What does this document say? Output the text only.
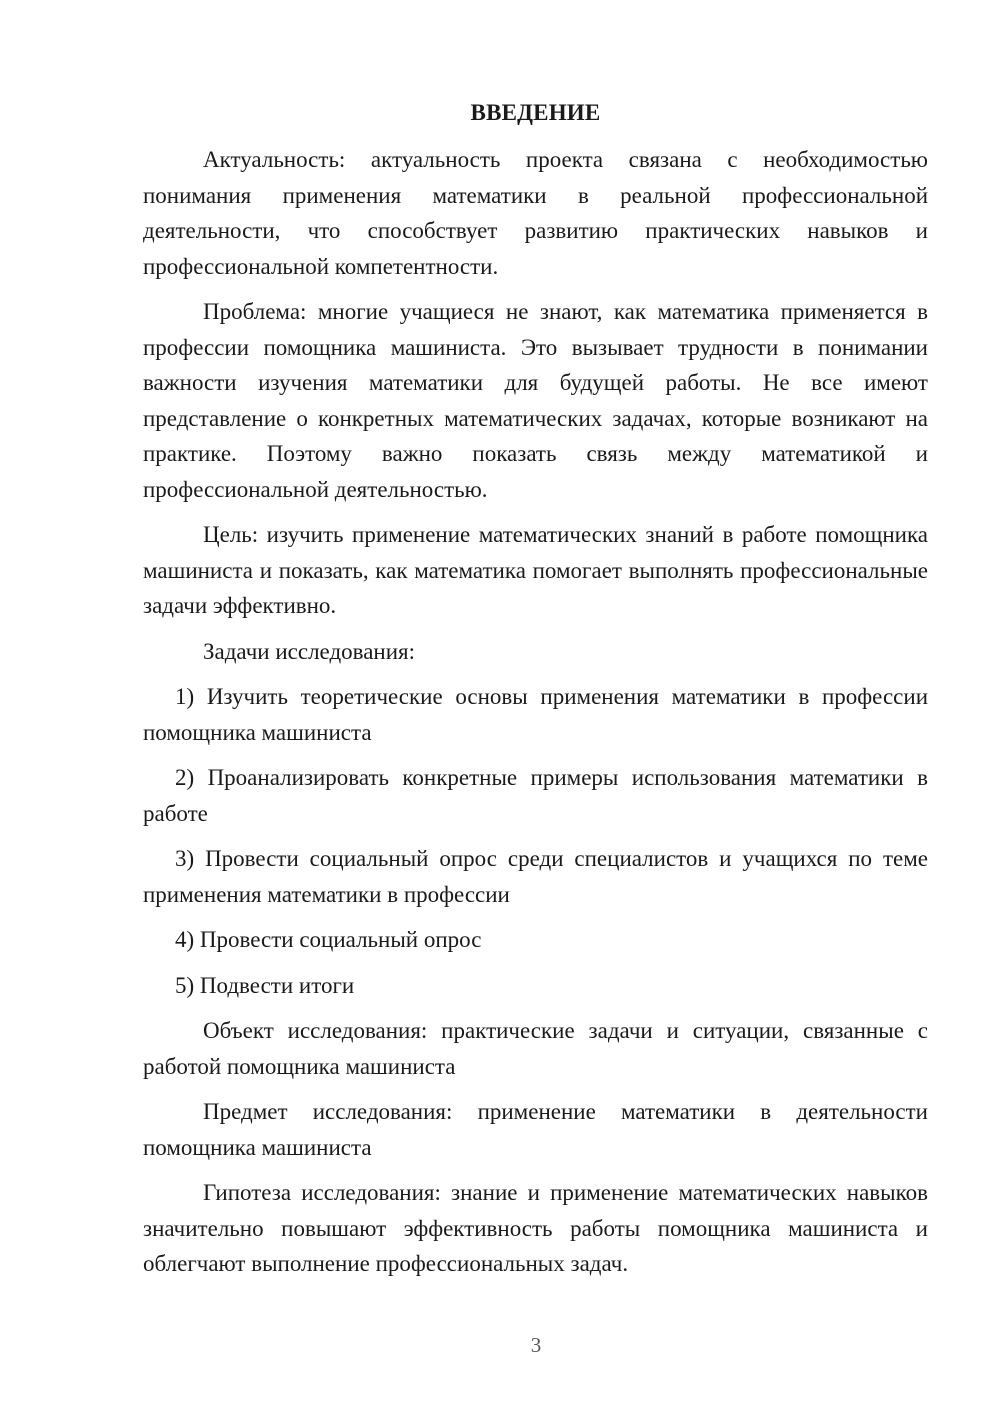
ВВЕДЕНИЕ

Актуальность: актуальность проекта связана с необходимостью понимания применения математики в реальной профессиональной деятельности, что способствует развитию практических навыков и профессиональной компетентности.

Проблема: многие учащиеся не знают, как математика применяется в профессии помощника машиниста. Это вызывает трудности в понимании важности изучения математики для будущей работы. Не все имеют представление о конкретных математических задачах, которые возникают на практике. Поэтому важно показать связь между математикой и профессиональной деятельностью.

Цель: изучить применение математических знаний в работе помощника машиниста и показать, как математика помогает выполнять профессиональные задачи эффективно.

Задачи исследования:

1) Изучить теоретические основы применения математики в профессии помощника машиниста

2) Проанализировать конкретные примеры использования математики в работе

3) Провести социальный опрос среди специалистов и учащихся по теме применения математики в профессии

4) Провести социальный опрос

5) Подвести итоги

Объект исследования: практические задачи и ситуации, связанные с работой помощника машиниста

Предмет исследования: применение математики в деятельности помощника машиниста

Гипотеза исследования: знание и применение математических навыков значительно повышают эффективность работы помощника машиниста и облегчают выполнение профессиональных задач.

3
